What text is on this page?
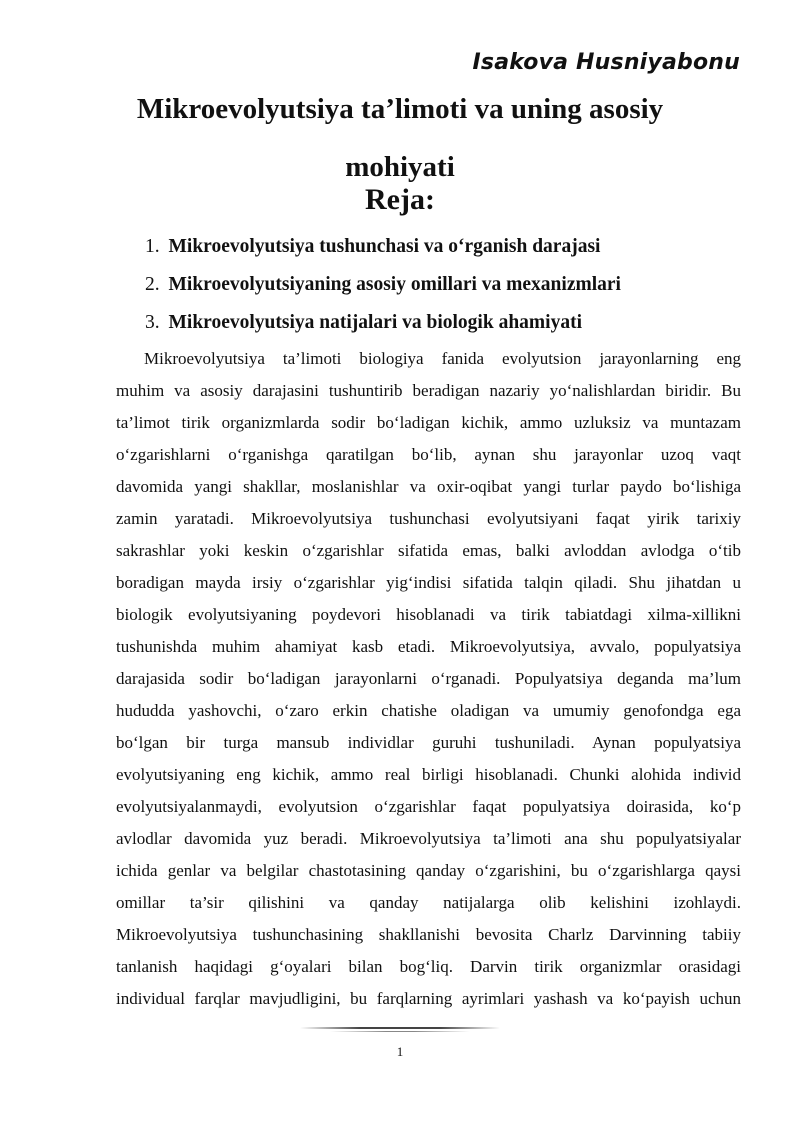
Isakova Husniyabonu
Mikroevolyutsiya ta’limoti va uning asosiy mohiyati
Reja:
1. Mikroevolyutsiya tushunchasi va o‘rganish darajasi
2. Mikroevolyutsiyaning asosiy omillari va mexanizmlari
3. Mikroevolyutsiya natijalari va biologik ahamiyati
Mikroevolyutsiya ta’limoti biologiya fanida evolyutsion jarayonlarning eng
muhim va asosiy darajasini tushuntirib beradigan nazariy yo‘nalishlardan biridir. Bu
ta’limot tirik organizmlarda sodir bo‘ladigan kichik, ammo uzluksiz va muntazam
o‘zgarishlarni o‘rganishga qaratilgan bo‘lib, aynan shu jarayonlar uzoq vaqt
davomida yangi shakllar, moslanishlar va oxir-oqibat yangi turlar paydo bo‘lishiga
zamin yaratadi. Mikroevolyutsiya tushunchasi evolyutsiyani faqat yirik tarixiy
sakrashlar yoki keskin o‘zgarishlar sifatida emas, balki avloddan avlodga o‘tib
boradigan mayda irsiy o‘zgarishlar yig‘indisi sifatida talqin qiladi. Shu jihatdan u
biologik evolyutsiyaning poydevori hisoblanadi va tirik tabiatdagi xilma-xillikni
tushunishda muhim ahamiyat kasb etadi. Mikroevolyutsiya, avvalo, populyatsiya
darajasida sodir bo‘ladigan jarayonlarni o‘rganadi. Populyatsiya deganda ma’lum
hududda yashovchi, o‘zaro erkin chatishe oladigan va umumiy genofondga ega
bo‘lgan bir turga mansub individlar guruhi tushuniladi. Aynan populyatsiya
evolyutsiyaning eng kichik, ammo real birligi hisoblanadi. Chunki alohida individ
evolyutsiyalanmaydi, evolyutsion o‘zgarishlar faqat populyatsiya doirasida, ko‘p
avlodlar davomida yuz beradi. Mikroevolyutsiya ta’limoti ana shu populyatsiyalar
ichida genlar va belgilar chastotasining qanday o‘zgarishini, bu o‘zgarishlarga qaysi
omillar ta’sir qilishini va qanday natijalarga olib kelishini izohlaydi.
Mikroevolyutsiya tushunchasining shakllanishi bevosita Charlz Darvinning tabiiy
tanlanish haqidagi g‘oyalari bilan bog‘liq. Darvin tirik organizmlar orasidagi
individual farqlar mavjudligini, bu farqlarning ayrimlari yashash va ko‘payish uchun
1
